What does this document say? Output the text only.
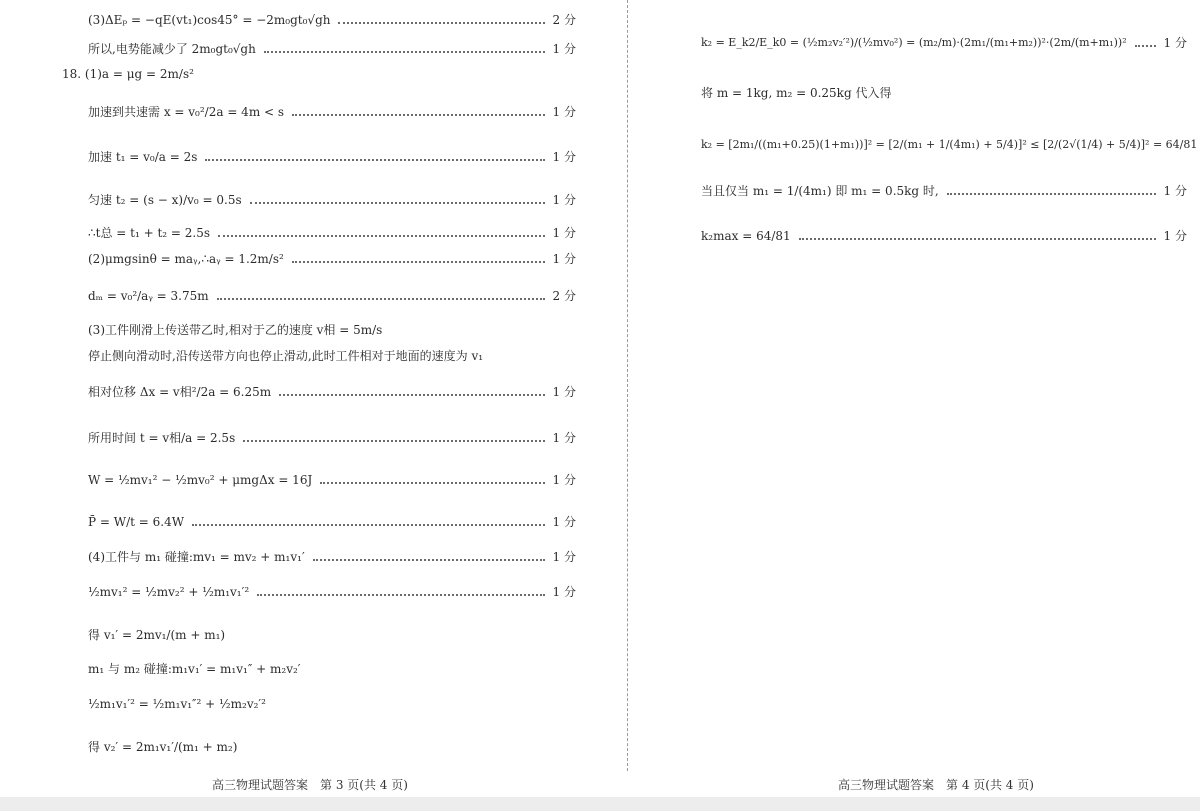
(3)ΔEₚ = −qE(vt₁)cos45° = −2m₀gt₀√gh	2 分
所以,电势能减少了 2m₀gt₀√gh	1 分
18. (1)a = μg = 2m/s²
加速到共速需 x = v₀²/2a = 4m < s	1 分
加速 t₁ = v₀/a = 2s	1 分
匀速 t₂ = (s − x)/v₀ = 0.5s	1 分
∴t总 = t₁ + t₂ = 2.5s	1 分
(2)μmgsinθ = maᵧ,∴aᵧ = 1.2m/s²	1 分
dₘ = v₀²/aᵧ = 3.75m	2 分
(3)工件刚滑上传送带乙时,相对于乙的速度 v相 = 5m/s
停止侧向滑动时,沿传送带方向也停止滑动,此时工件相对于地面的速度为 v₁
相对位移 Δx = v相²/2a = 6.25m	1 分
所用时间 t = v相/a = 2.5s	1 分
W = ½mv₁² − ½mv₀² + μmgΔx = 16J	1 分
P̄ = W/t = 6.4W	1 分
(4)工件与 m₁ 碰撞:mv₁ = mv₂ + m₁v₁′	1 分
½mv₁² = ½mv₂² + ½m₁v₁′²	1 分
得 v₁′ = 2mv₁/(m + m₁)
m₁ 与 m₂ 碰撞:m₁v₁′ = m₁v₁″ + m₂v₂′
½m₁v₁′² = ½m₁v₁″² + ½m₂v₂′²
得 v₂′ = 2m₁v₁′/(m₁ + m₂)
高三物理试题答案　第 3 页(共 4 页)
k₂ = E_k2/E_k0 = (½m₂v₂′²)/(½mv₀²) = (m₂/m)·(2m₁/(m₁+m₂))²·(2m/(m+m₁))²	1 分
将 m = 1kg, m₂ = 0.25kg 代入得
k₂ = [2m₁/((m₁+0.25)(1+m₁))]² = [2/(m₁ + 1/(4m₁) + 5/4)]² ≤ [2/(2√(1/4) + 5/4)]² = 64/81
当且仅当 m₁ = 1/(4m₁) 即 m₁ = 0.5kg 时,	1 分
k₂max = 64/81	1 分
高三物理试题答案　第 4 页(共 4 页)
